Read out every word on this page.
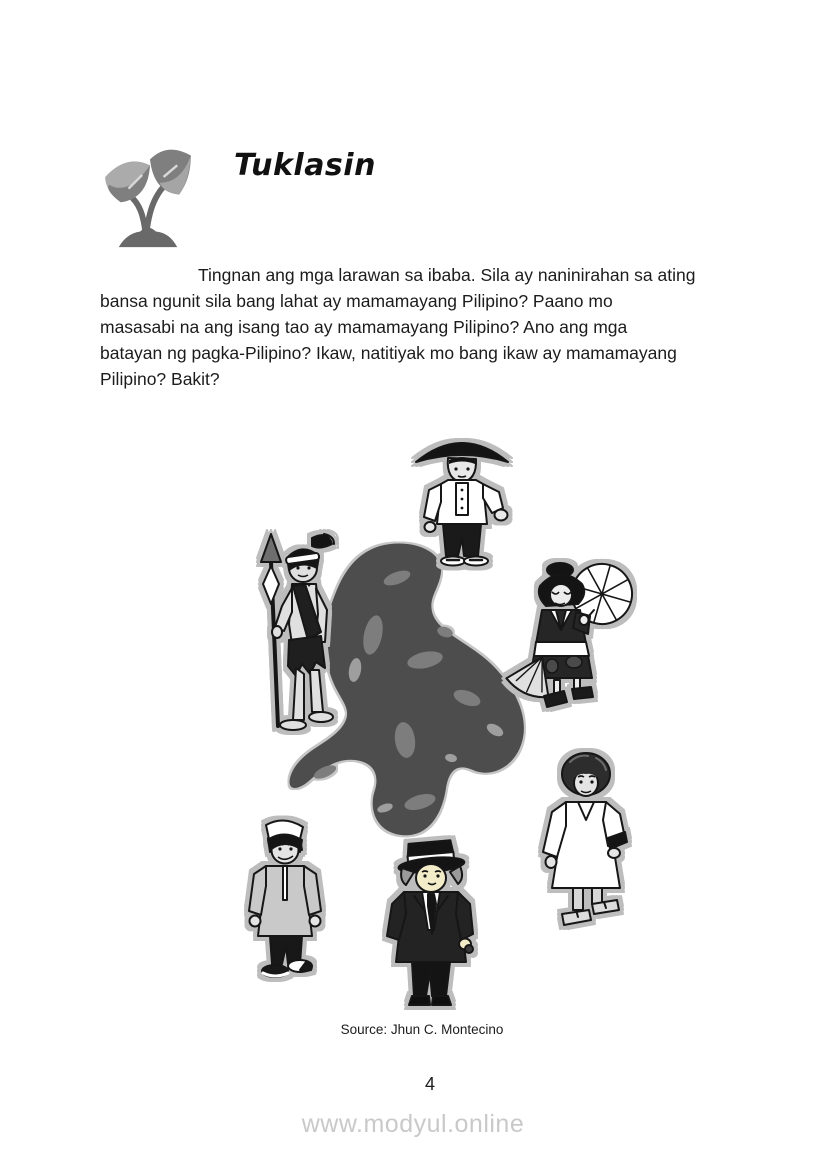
Tuklasin
Tingnan ang mga larawan sa ibaba. Sila ay naninirahan sa ating
bansa ngunit sila bang lahat ay mamamayang Pilipino? Paano mo
masasabi na ang isang tao ay mamamayang Pilipino? Ano ang mga
batayan ng pagka-Pilipino? Ikaw, natitiyak mo bang ikaw ay mamamayang
Pilipino? Bakit?
Source: Jhun C. Montecino
4
www.modyul.online
